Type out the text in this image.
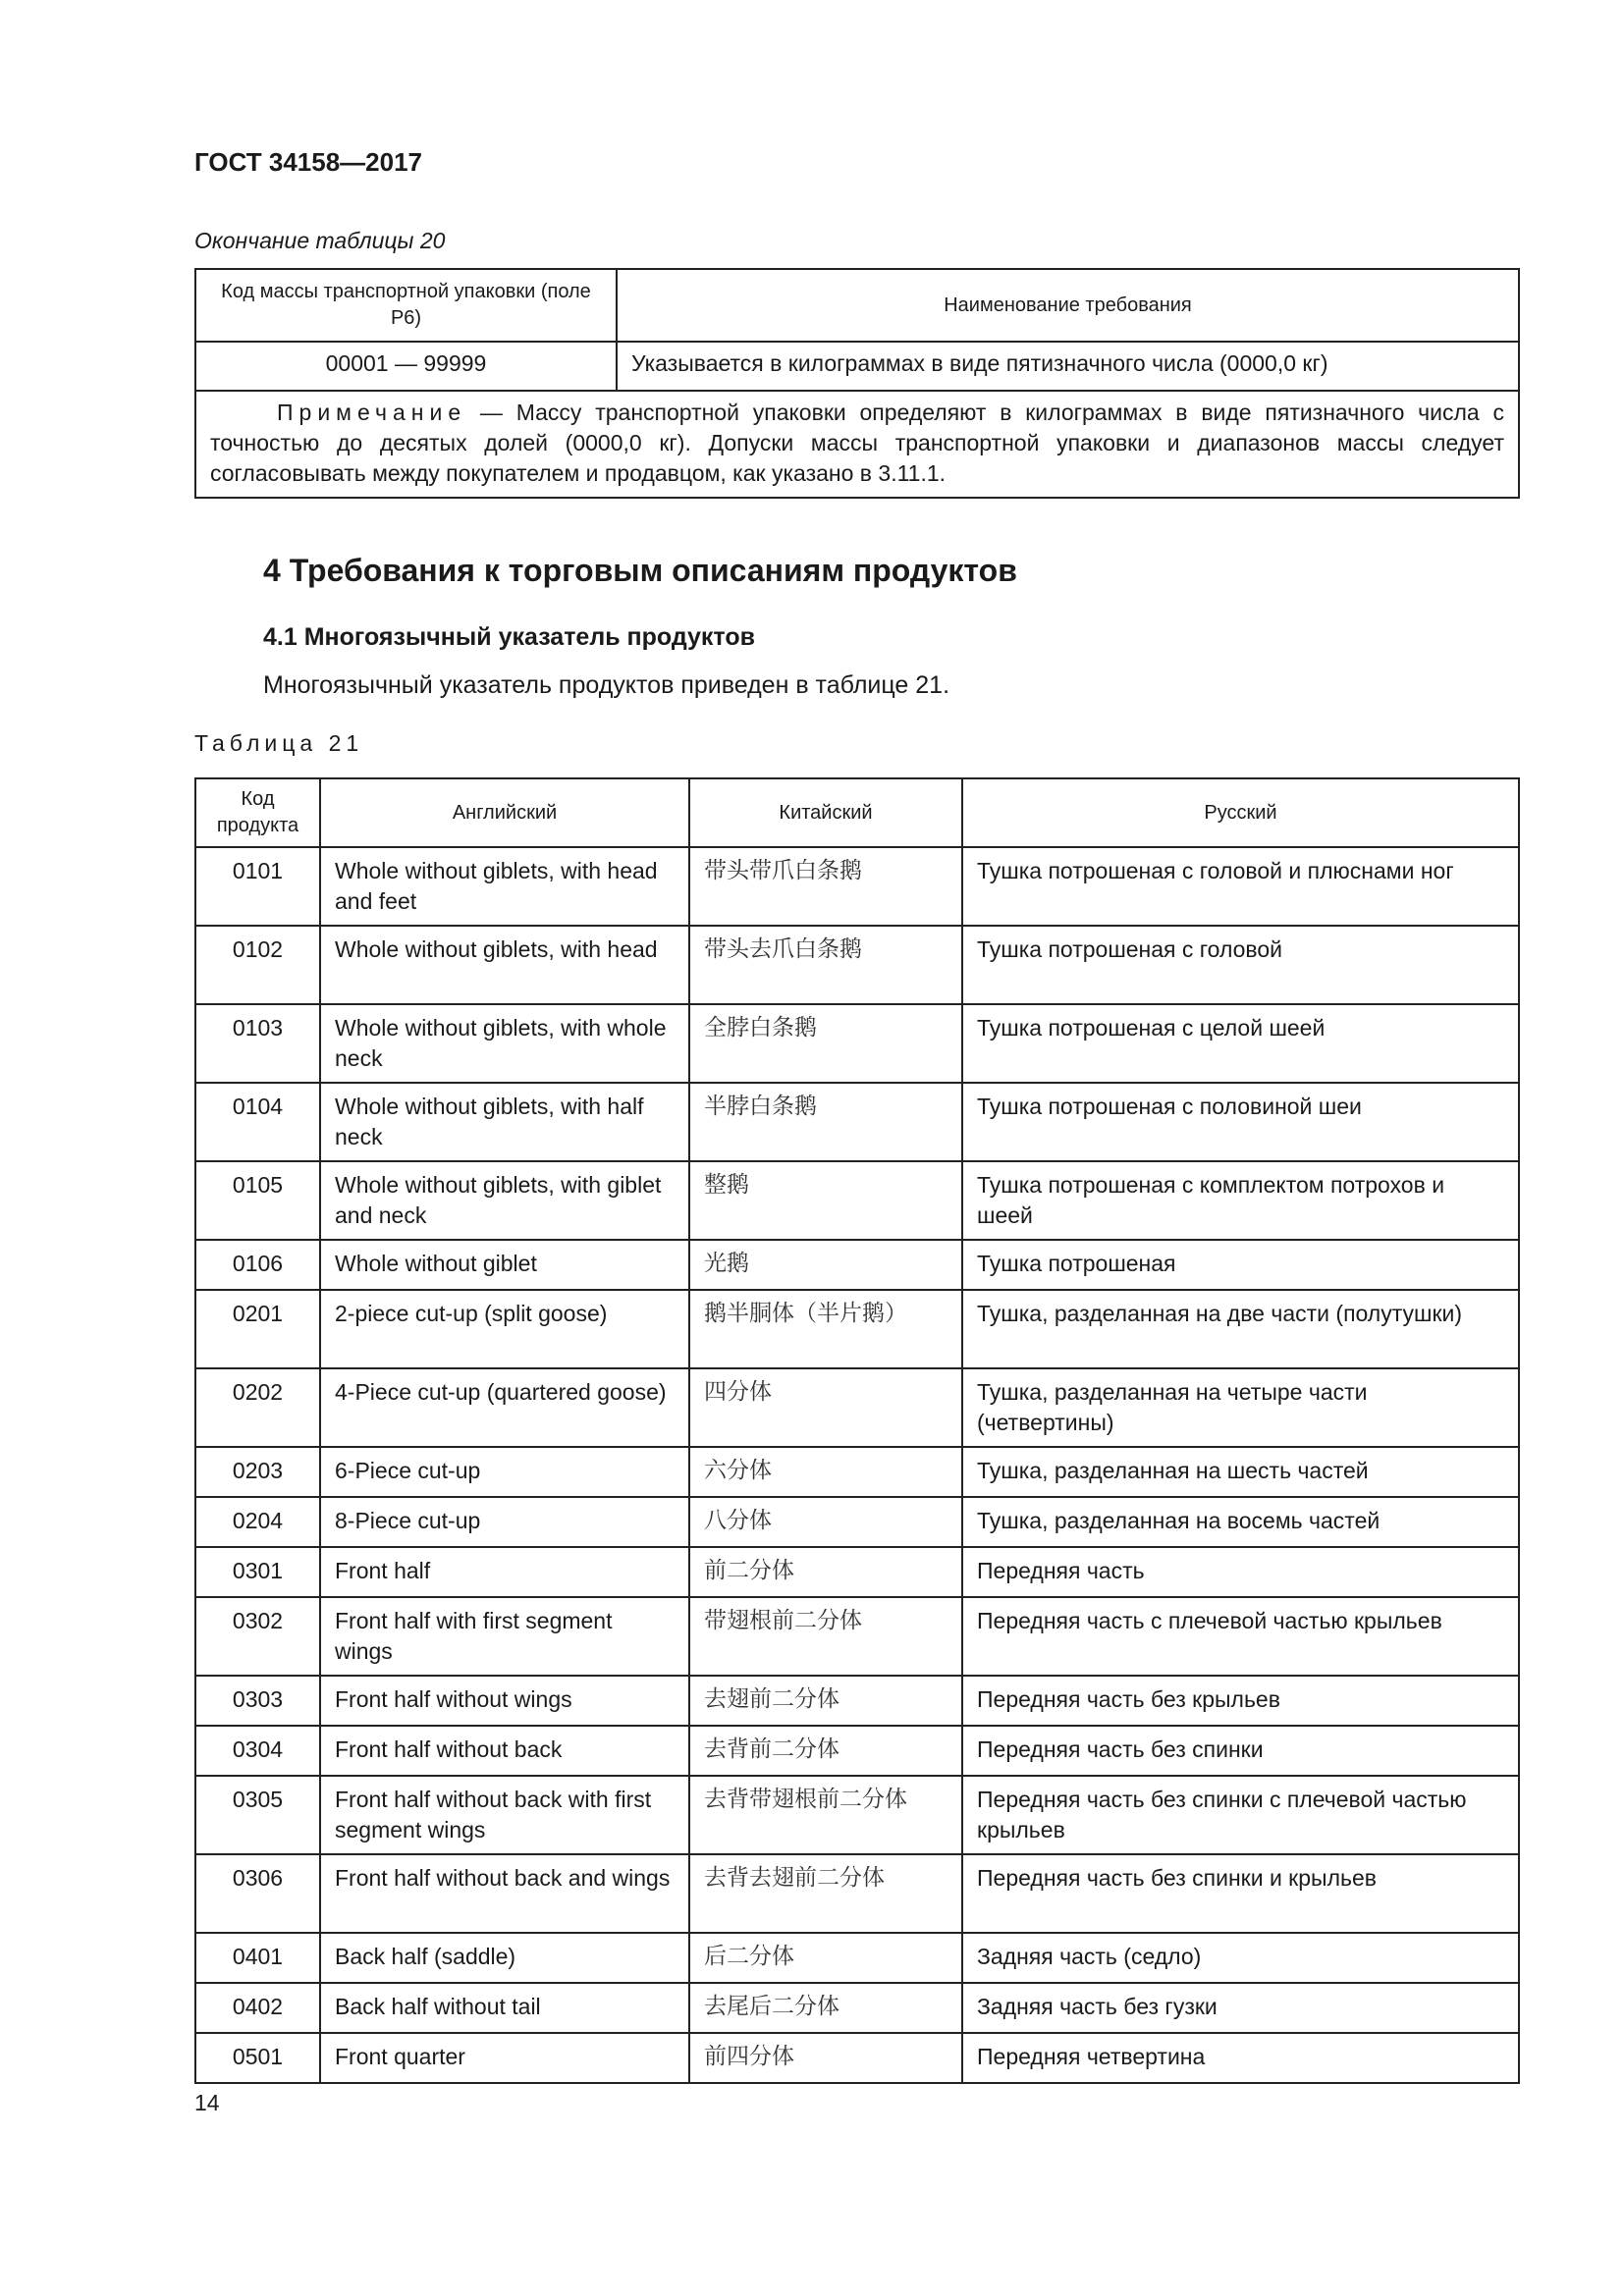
ГОСТ 34158—2017
Окончание таблицы 20
Код массы транспортной упаковки (поле Р6)	Наименование требования
00001 — 99999	Указывается в килограммах в виде пятизначного числа (0000,0 кг)

Примечание — Массу транспортной упаковки определяют в килограммах в виде пятизначного числа с точностью до десятых долей (0000,0 кг). Допуски массы транспортной упаковки и диапазонов массы следует согласовывать между покупателем и продавцом, как указано в 3.11.1.	

4 Требования к торговым описаниям продуктов
4.1 Многоязычный указатель продуктов
Многоязычный указатель продуктов приведен в таблице 21.
Таблица 21
Код продукта	Английский	Китайский	Русский
0101	Whole without giblets, with head and feet	带头带爪白条鹅	Тушка потрошеная с головой и плюснами ног
0102	Whole without giblets, with head	带头去爪白条鹅	Тушка потрошеная с головой
0103	Whole without giblets, with whole neck	全脖白条鹅	Тушка потрошеная с целой шеей
0104	Whole without giblets, with half neck	半脖白条鹅	Тушка потрошеная с половиной шеи
0105	Whole without giblets, with giblet and neck	整鹅	Тушка потрошеная с комплектом потрохов и шеей
0106	Whole without giblet	光鹅	Тушка потрошеная
0201	2-piece cut-up (split goose)	鹅半胴体（半片鹅）	Тушка, разделанная на две части (полутушки)
0202	4-Piece cut-up (quartered goose)	四分体	Тушка, разделанная на четыре части (четвертины)
0203	6-Piece cut-up	六分体	Тушка, разделанная на шесть частей
0204	8-Piece cut-up	八分体	Тушка, разделанная на восемь частей
0301	Front half	前二分体	Передняя часть
0302	Front half with first segment wings	带翅根前二分体	Передняя часть с плечевой частью крыльев
0303	Front half without wings	去翅前二分体	Передняя часть без крыльев
0304	Front half without back	去背前二分体	Передняя часть без спинки
0305	Front half without back with first segment wings	去背带翅根前二分体	Передняя часть без спинки с плечевой частью крыльев
0306	Front half without back and wings	去背去翅前二分体	Передняя часть без спинки и крыльев
0401	Back half (saddle)	后二分体	Задняя часть (седло)
0402	Back half without tail	去尾后二分体	Задняя часть без гузки
0501	Front quarter	前四分体	Передняя четвертина
14
